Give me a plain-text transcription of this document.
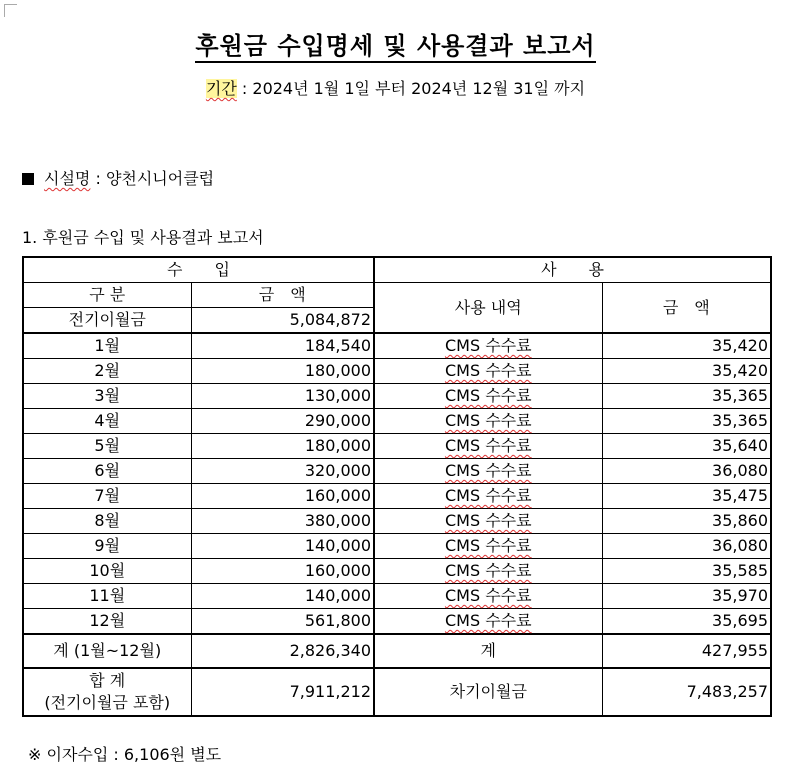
후원금 수입명세 및 사용결과 보고서
기간 : 2024년 1월 1일 부터 2024년 12월 31일 까지
시설명 : 양천시니어클럽
1. 후원금 수입 및 사용결과 보고서
수　　입		사　　용	
구 분	금　액	사용 내역	금　액
전기이월금	5,084,872		
1월	184,540	CMS 수수료	35,420
2월	180,000	CMS 수수료	35,420
3월	130,000	CMS 수수료	35,365
4월	290,000	CMS 수수료	35,365
5월	180,000	CMS 수수료	35,640
6월	320,000	CMS 수수료	36,080
7월	160,000	CMS 수수료	35,475
8월	380,000	CMS 수수료	35,860
9월	140,000	CMS 수수료	36,080
10월	160,000	CMS 수수료	35,585
11월	140,000	CMS 수수료	35,970
12월	561,800	CMS 수수료	35,695
계 (1월~12월)	2,826,340	계	427,955

합 계
(전기이월금 포함)	7,911,212	차기이월금	7,483,257
※ 이자수입 : 6,106원 별도
